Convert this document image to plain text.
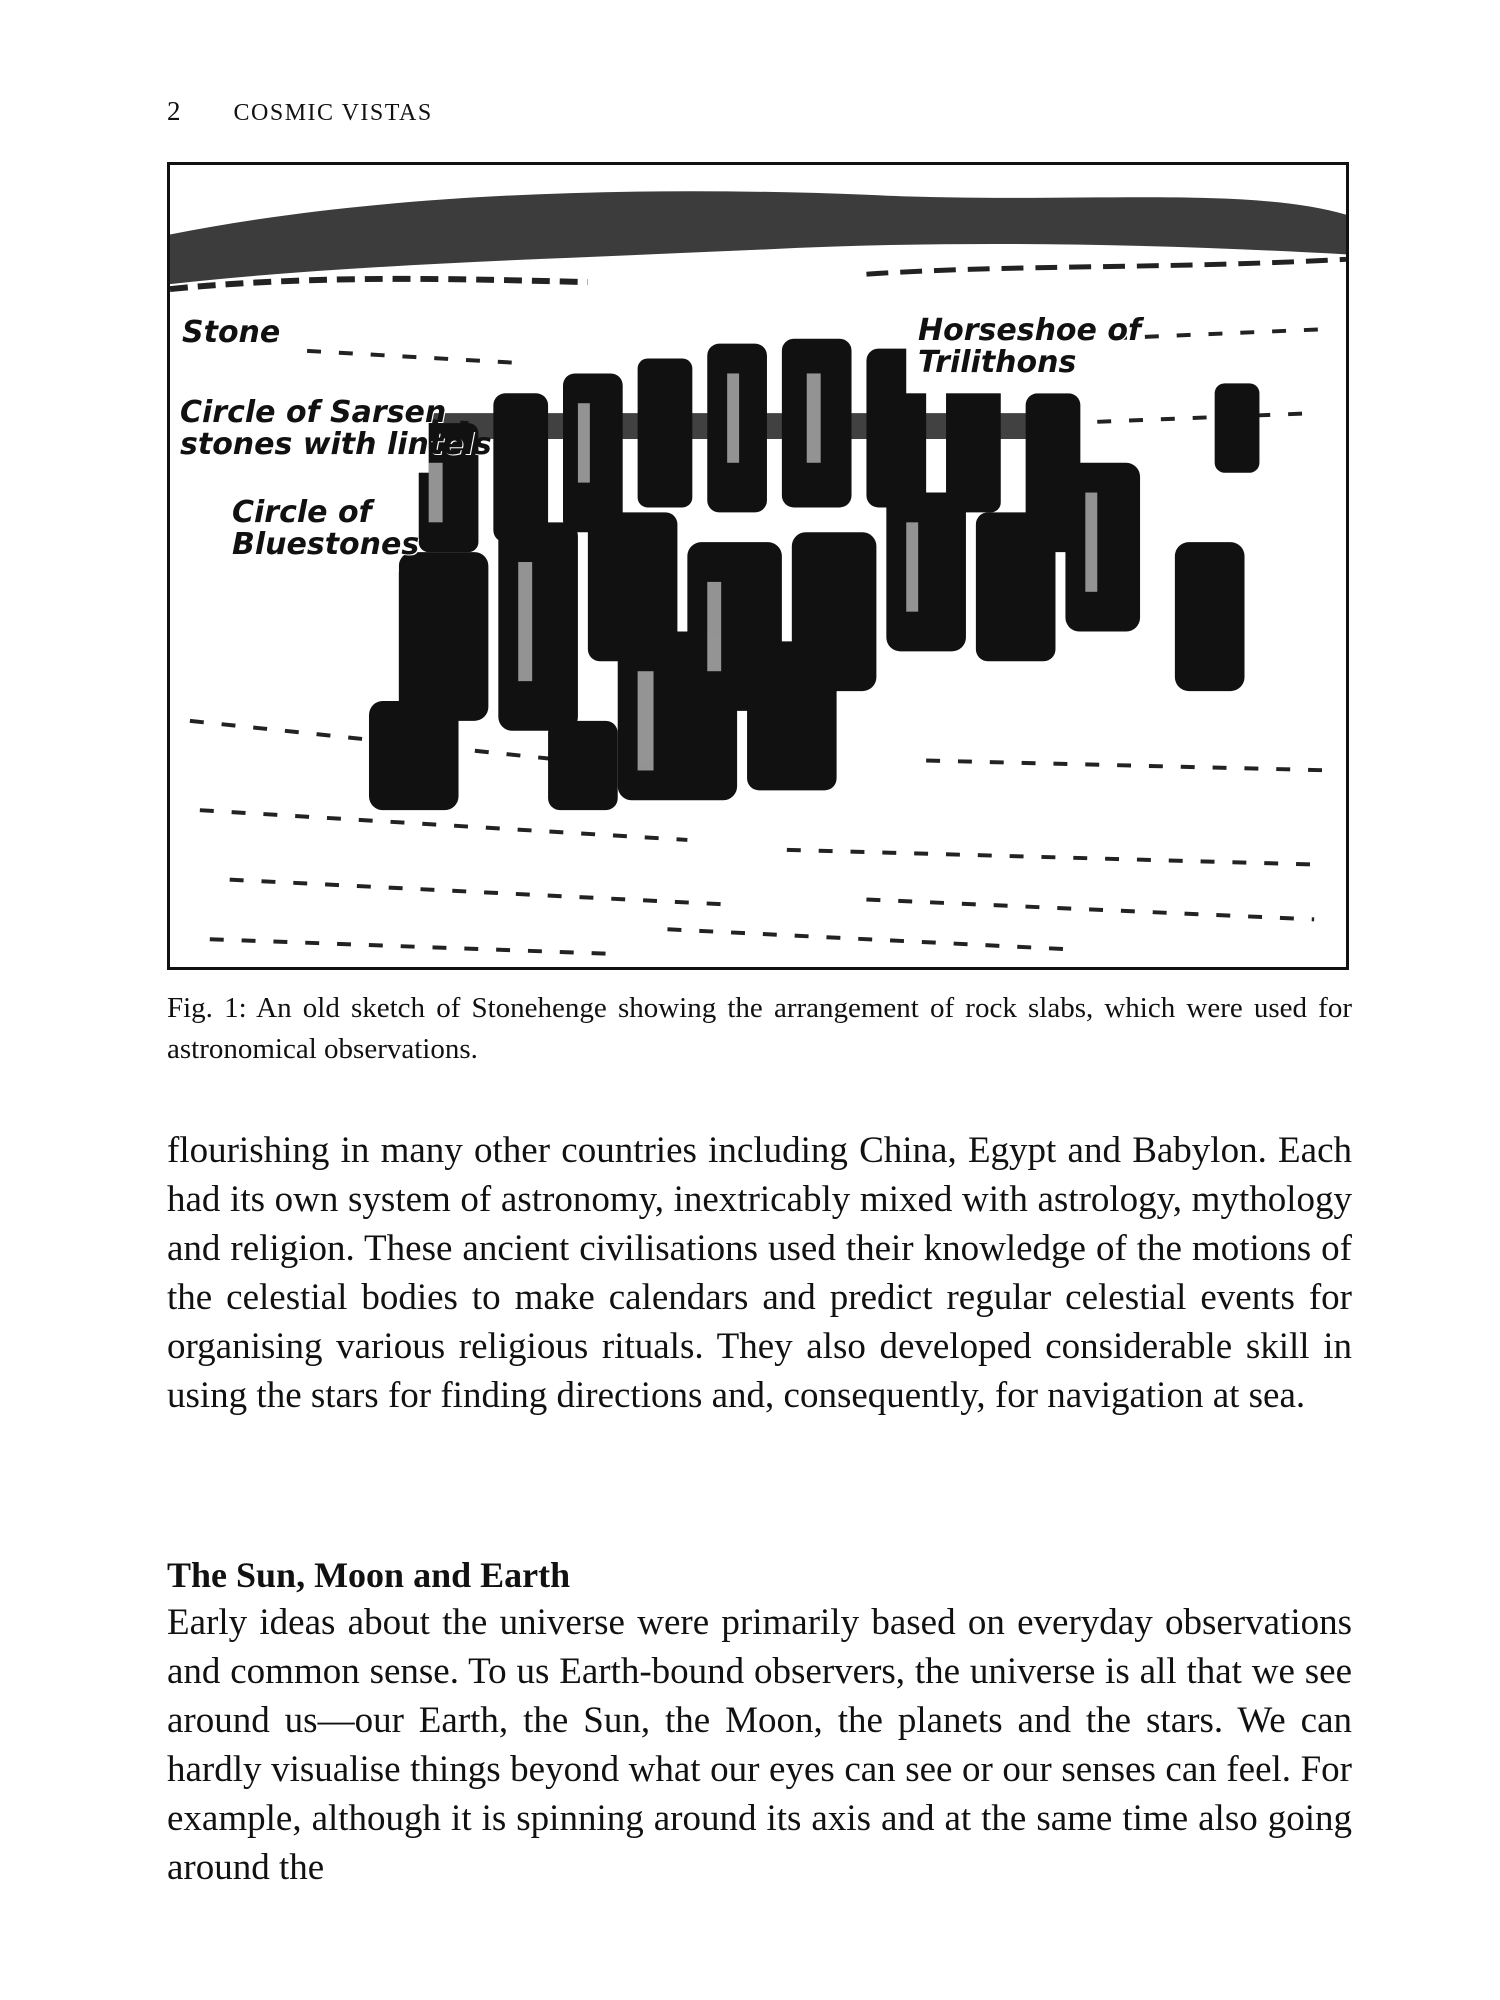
2 COSMIC VISTAS
Stone	Horseshoe of
Trilithons
Circle of Sarsen
stones with lintels
Circle of
Bluestones
Fig. 1: An old sketch of Stonehenge showing the arrangement of rock slabs, which were used for astronomical observations.

flourishing in many other countries including China, Egypt and Babylon. Each had its own system of astronomy, inextricably mixed with astrology, mythology and religion. These ancient civilisations used their knowledge of the motions of the celestial bodies to make calendars and predict regular celestial events for organising various religious rituals. They also developed considerable skill in using the stars for finding directions and, consequently, for navigation at sea.

The Sun, Moon and Earth

Early ideas about the universe were primarily based on everyday observations and common sense. To us Earth-bound observers, the universe is all that we see around us—our Earth, the Sun, the Moon, the planets and the stars. We can hardly visualise things beyond what our eyes can see or our senses can feel. For example, although it is spinning around its axis and at the same time also going around the
